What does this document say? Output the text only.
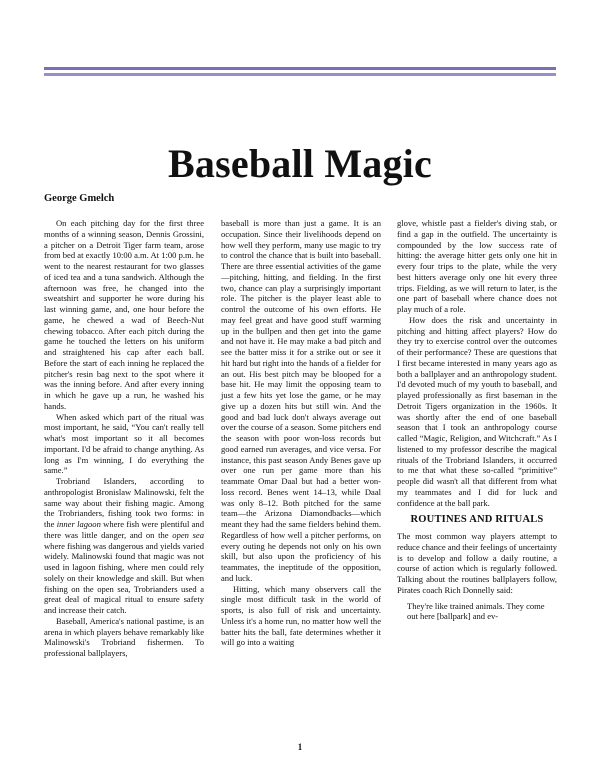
Baseball Magic
George Gmelch

On each pitching day for the first three months of a winning season, Dennis Grossini, a pitcher on a Detroit Tiger farm team, arose from bed at exactly 10:00 a.m. At 1:00 p.m. he went to the nearest restaurant for two glasses of iced tea and a tuna sandwich. Although the afternoon was free, he changed into the sweatshirt and supporter he wore during his last winning game, and, one hour before the game, he chewed a wad of Beech-Nut chewing tobacco. After each pitch during the game he touched the letters on his uniform and straightened his cap after each ball. Before the start of each inning he replaced the pitcher's resin bag next to the spot where it was the inning before. And after every inning in which he gave up a run, he washed his hands.

When asked which part of the ritual was most important, he said, “You can't really tell what's most important so it all becomes important. I'd be afraid to change anything. As long as I'm winning, I do everything the same.”

Trobriand Islanders, according to anthropologist Bronislaw Malinowski, felt the same way about their fishing magic. Among the Trobrianders, fishing took two forms: in the inner lagoon where fish were plentiful and there was little danger, and on the open sea where fishing was dangerous and yields varied widely. Malinowski found that magic was not used in lagoon fishing, where men could rely solely on their knowledge and skill. But when fishing on the open sea, Trobrianders used a great deal of magical ritual to ensure safety and increase their catch.

Baseball, America's national pastime, is an arena in which players behave remarkably like Malinowski's Trobriand fishermen. To professional ballplayers,

baseball is more than just a game. It is an occupation. Since their livelihoods depend on how well they perform, many use magic to try to control the chance that is built into baseball. There are three essential activities of the game—pitching, hitting, and fielding. In the first two, chance can play a surprisingly important role. The pitcher is the player least able to control the outcome of his own efforts. He may feel great and have good stuff warming up in the bullpen and then get into the game and not have it. He may make a bad pitch and see the batter miss it for a strike out or see it hit hard but right into the hands of a fielder for an out. His best pitch may be blooped for a base hit. He may limit the opposing team to just a few hits yet lose the game, or he may give up a dozen hits but still win. And the good and bad luck don't always average out over the course of a season. Some pitchers end the season with poor won-loss records but good earned run averages, and vice versa. For instance, this past season Andy Benes gave up over one run per game more than his teammate Omar Daal but had a better won-loss record. Benes went 14–13, while Daal was only 8–12. Both pitched for the same team—the Arizona Diamondbacks—which meant they had the same fielders behind them. Regardless of how well a pitcher performs, on every outing he depends not only on his own skill, but also upon the proficiency of his teammates, the ineptitude of the opposition, and luck.

Hitting, which many observers call the single most difficult task in the world of sports, is also full of risk and uncertainty. Unless it's a home run, no matter how well the batter hits the ball, fate determines whether it will go into a waiting

glove, whistle past a fielder's diving stab, or find a gap in the outfield. The uncertainty is compounded by the low success rate of hitting: the average hitter gets only one hit in every four trips to the plate, while the very best hitters average only one hit every three trips. Fielding, as we will return to later, is the one part of baseball where chance does not play much of a role.

How does the risk and uncertainty in pitching and hitting affect players? How do they try to exercise control over the outcomes of their performance? These are questions that I first became interested in many years ago as both a ballplayer and an anthropology student. I'd devoted much of my youth to baseball, and played professionally as first baseman in the Detroit Tigers organization in the 1960s. It was shortly after the end of one baseball season that I took an anthropology course called “Magic, Religion, and Witchcraft.” As I listened to my professor describe the magical rituals of the Trobriand Islanders, it occurred to me that what these so-called “primitive” people did wasn't all that different from what my teammates and I did for luck and confidence at the ball park.

ROUTINES AND RITUALS

The most common way players attempt to reduce chance and their feelings of uncertainty is to develop and follow a daily routine, a course of action which is regularly followed. Talking about the routines ballplayers follow, Pirates coach Rich Donnelly said:

They're like trained animals. They come out here [ballpark] and ev-

1
